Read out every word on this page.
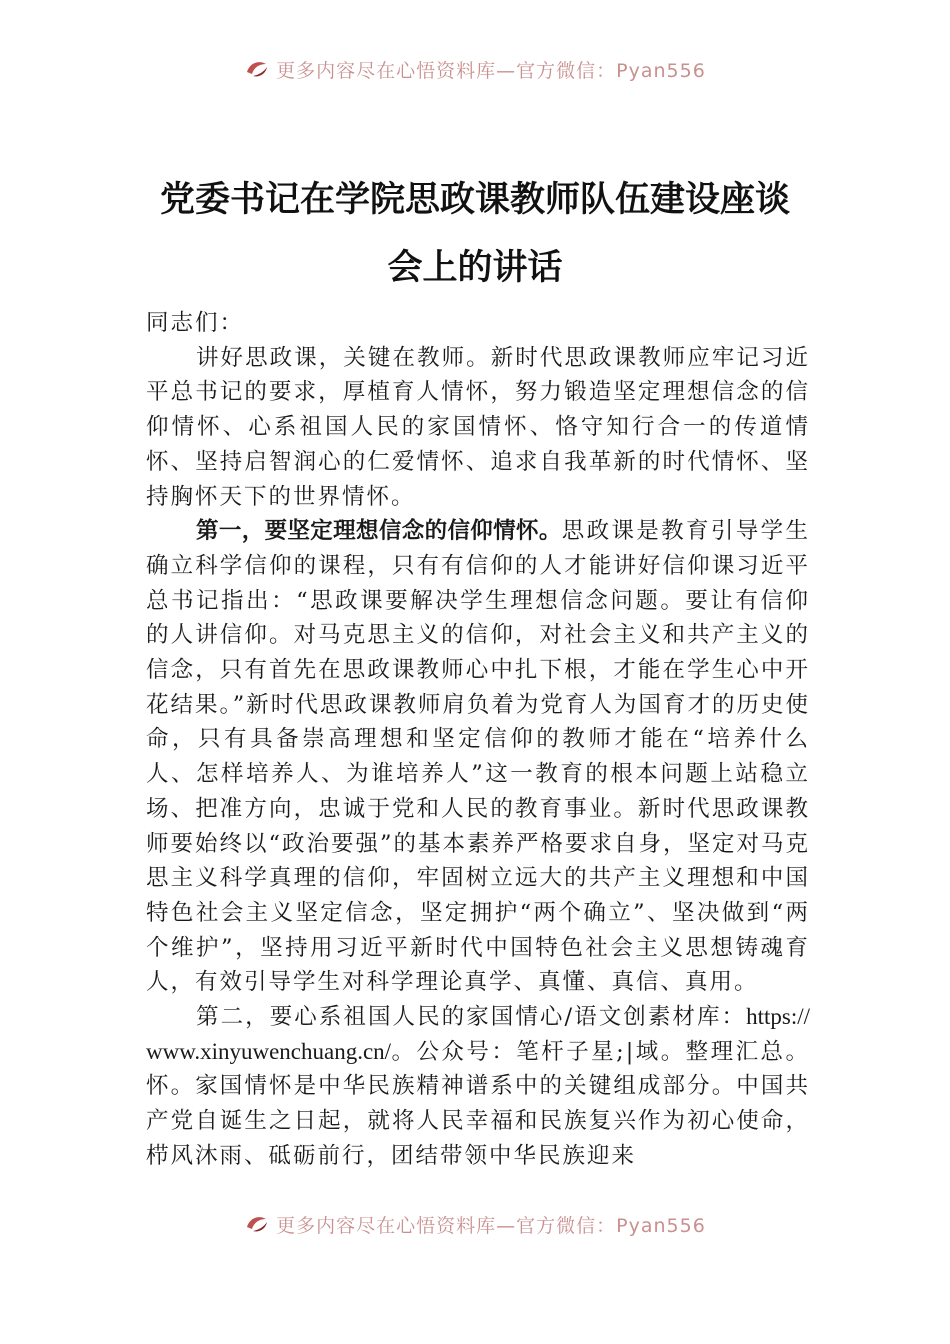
更多内容尽在心悟资料库—官方微信：Pyan556
党委书记在学院思政课教师队伍建设座谈
会上的讲话

同志们：

讲好思政课，关键在教师。新时代思政课教师应牢记习近平总书记的要求，厚植育人情怀，努力锻造坚定理想信念的信仰情怀、心系祖国人民的家国情怀、恪守知行合一的传道情怀、坚持启智润心的仁爱情怀、追求自我革新的时代情怀、坚持胸怀天下的世界情怀。

第一，要坚定理想信念的信仰情怀。思政课是教育引导学生确立科学信仰的课程，只有有信仰的人才能讲好信仰课习近平总书记指出：“思政课要解决学生理想信念问题。要让有信仰的人讲信仰。对马克思主义的信仰，对社会主义和共产主义的信念，只有首先在思政课教师心中扎下根，才能在学生心中开花结果。”新时代思政课教师肩负着为党育人为国育才的历史使命，只有具备崇高理想和坚定信仰的教师才能在“培养什么人、怎样培养人、为谁培养人”这一教育的根本问题上站稳立场、把准方向，忠诚于党和人民的教育事业。新时代思政课教师要始终以“政治要强”的基本素养严格要求自身，坚定对马克思主义科学真理的信仰，牢固树立远大的共产主义理想和中国特色社会主义坚定信念，坚定拥护“两个确立”、坚决做到“两个维护”，坚持用习近平新时代中国特色社会主义思想铸魂育人，有效引导学生对科学理论真学、真懂、真信、真用。

第二，要心系祖国人民的家国情心/语文创素材库：https://www.xinyuwenchuang.cn/。公众号：笔杆子星;|域。整理汇总。怀。家国情怀是中华民族精神谱系中的关键组成部分。中国共产党自诞生之日起，就将人民幸福和民族复兴作为初心使命，栉风沐雨、砥砺前行，团结带领中华民族迎来

更多内容尽在心悟资料库—官方微信：Pyan556
